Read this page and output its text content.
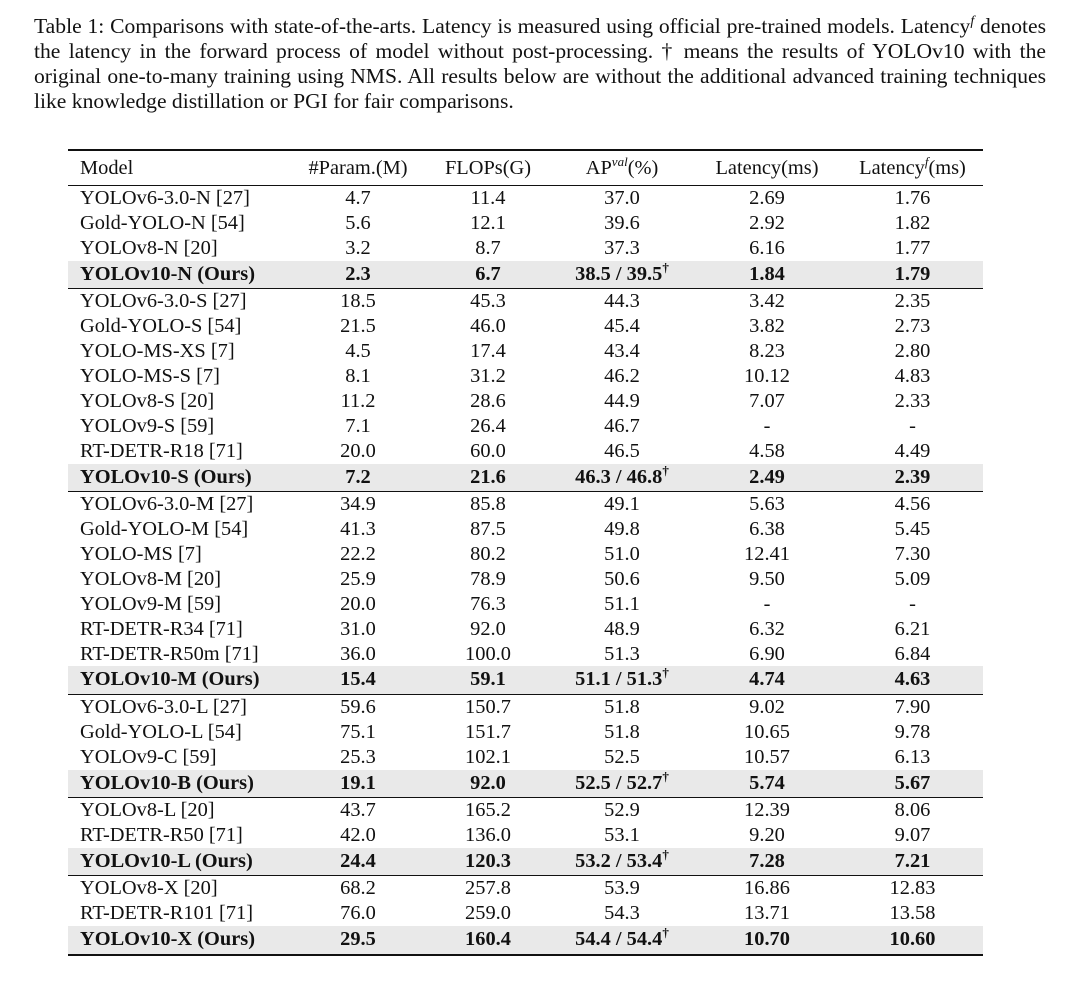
Table 1: Comparisons with state-of-the-arts. Latency is measured using official pre-trained models. Latency$^f$ denotes the latency in the forward process of model without post-processing. † means the results of YOLOv10 with the original one-to-many training using NMS. All results below are without the additional advanced training techniques like knowledge distillation or PGI for fair comparisons.
Model	#Param.(M)	FLOPs(G)	$AP^{val}(\%)$	Latency(ms)	Latency$^f$(ms)
YOLOv6-3.0-N [27]	4.7	11.4	37.0	2.69	1.76
Gold-YOLO-N [54]	5.6	12.1	39.6	2.92	1.82
YOLOv8-N [20]	3.2	8.7	37.3	6.16	1.77
YOLOv10-N (Ours)	2.3	6.7	38.5 / 39.5†	1.84	1.79
YOLOv6-3.0-S [27]	18.5	45.3	44.3	3.42	2.35
Gold-YOLO-S [54]	21.5	46.0	45.4	3.82	2.73
YOLO-MS-XS [7]	4.5	17.4	43.4	8.23	2.80
YOLO-MS-S [7]	8.1	31.2	46.2	10.12	4.83
YOLOv8-S [20]	11.2	28.6	44.9	7.07	2.33
YOLOv9-S [59]	7.1	26.4	46.7	-	-
RT-DETR-R18 [71]	20.0	60.0	46.5	4.58	4.49
YOLOv10-S (Ours)	7.2	21.6	46.3 / 46.8†	2.49	2.39
YOLOv6-3.0-M [27]	34.9	85.8	49.1	5.63	4.56
Gold-YOLO-M [54]	41.3	87.5	49.8	6.38	5.45
YOLO-MS [7]	22.2	80.2	51.0	12.41	7.30
YOLOv8-M [20]	25.9	78.9	50.6	9.50	5.09
YOLOv9-M [59]	20.0	76.3	51.1	-	-
RT-DETR-R34 [71]	31.0	92.0	48.9	6.32	6.21
RT-DETR-R50m [71]	36.0	100.0	51.3	6.90	6.84
YOLOv10-M (Ours)	15.4	59.1	51.1 / 51.3†	4.74	4.63
YOLOv6-3.0-L [27]	59.6	150.7	51.8	9.02	7.90
Gold-YOLO-L [54]	75.1	151.7	51.8	10.65	9.78
YOLOv9-C [59]	25.3	102.1	52.5	10.57	6.13
YOLOv10-B (Ours)	19.1	92.0	52.5 / 52.7†	5.74	5.67
YOLOv8-L [20]	43.7	165.2	52.9	12.39	8.06
RT-DETR-R50 [71]	42.0	136.0	53.1	9.20	9.07
YOLOv10-L (Ours)	24.4	120.3	53.2 / 53.4†	7.28	7.21
YOLOv8-X [20]	68.2	257.8	53.9	16.86	12.83
RT-DETR-R101 [71]	76.0	259.0	54.3	13.71	13.58
YOLOv10-X (Ours)	29.5	160.4	54.4 / 54.4†	10.70	10.60
